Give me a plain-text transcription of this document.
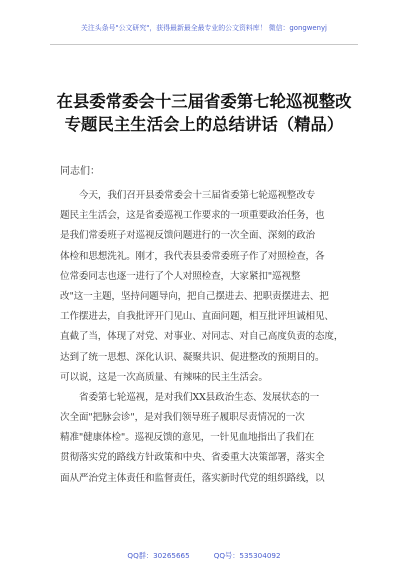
关注头条号"公文研究"，获得最新最全最专业的公文资料库！ 微信：gongwenyj
在县委常委会十三届省委第七轮巡视整改
专题民主生活会上的总结讲话（精品）
同志们：
今天，我们召开县委常委会十三届省委第七轮巡视整改专
题民主生活会，这是省委巡视工作要求的一项重要政治任务，也
是我们常委班子对巡视反馈问题进行的一次全面、深刻的政治
体检和思想洗礼。刚才，我代表县委常委班子作了对照检查，各
位常委同志也逐一进行了个人对照检查，大家紧扣"巡视整
改"这一主题，坚持问题导向，把自己摆进去、把职责摆进去、把
工作摆进去，自我批评开门见山、直面问题，相互批评坦诚相见、
直截了当，体现了对党、对事业、对同志、对自己高度负责的态度，
达到了统一思想、深化认识、凝聚共识、促进整改的预期目的。
可以说，这是一次高质量、有辣味的民主生活会。
省委第七轮巡视，是对我们XX县政治生态、发展状态的一
次全面"把脉会诊"，是对我们领导班子履职尽责情况的一次
精准"健康体检"。巡视反馈的意见，一针见血地指出了我们在
贯彻落实党的路线方针政策和中央、省委重大决策部署，落实全
面从严治党主体责任和监督责任，落实新时代党的组织路线，以
QQ群：30265665	QQ号：535304092
